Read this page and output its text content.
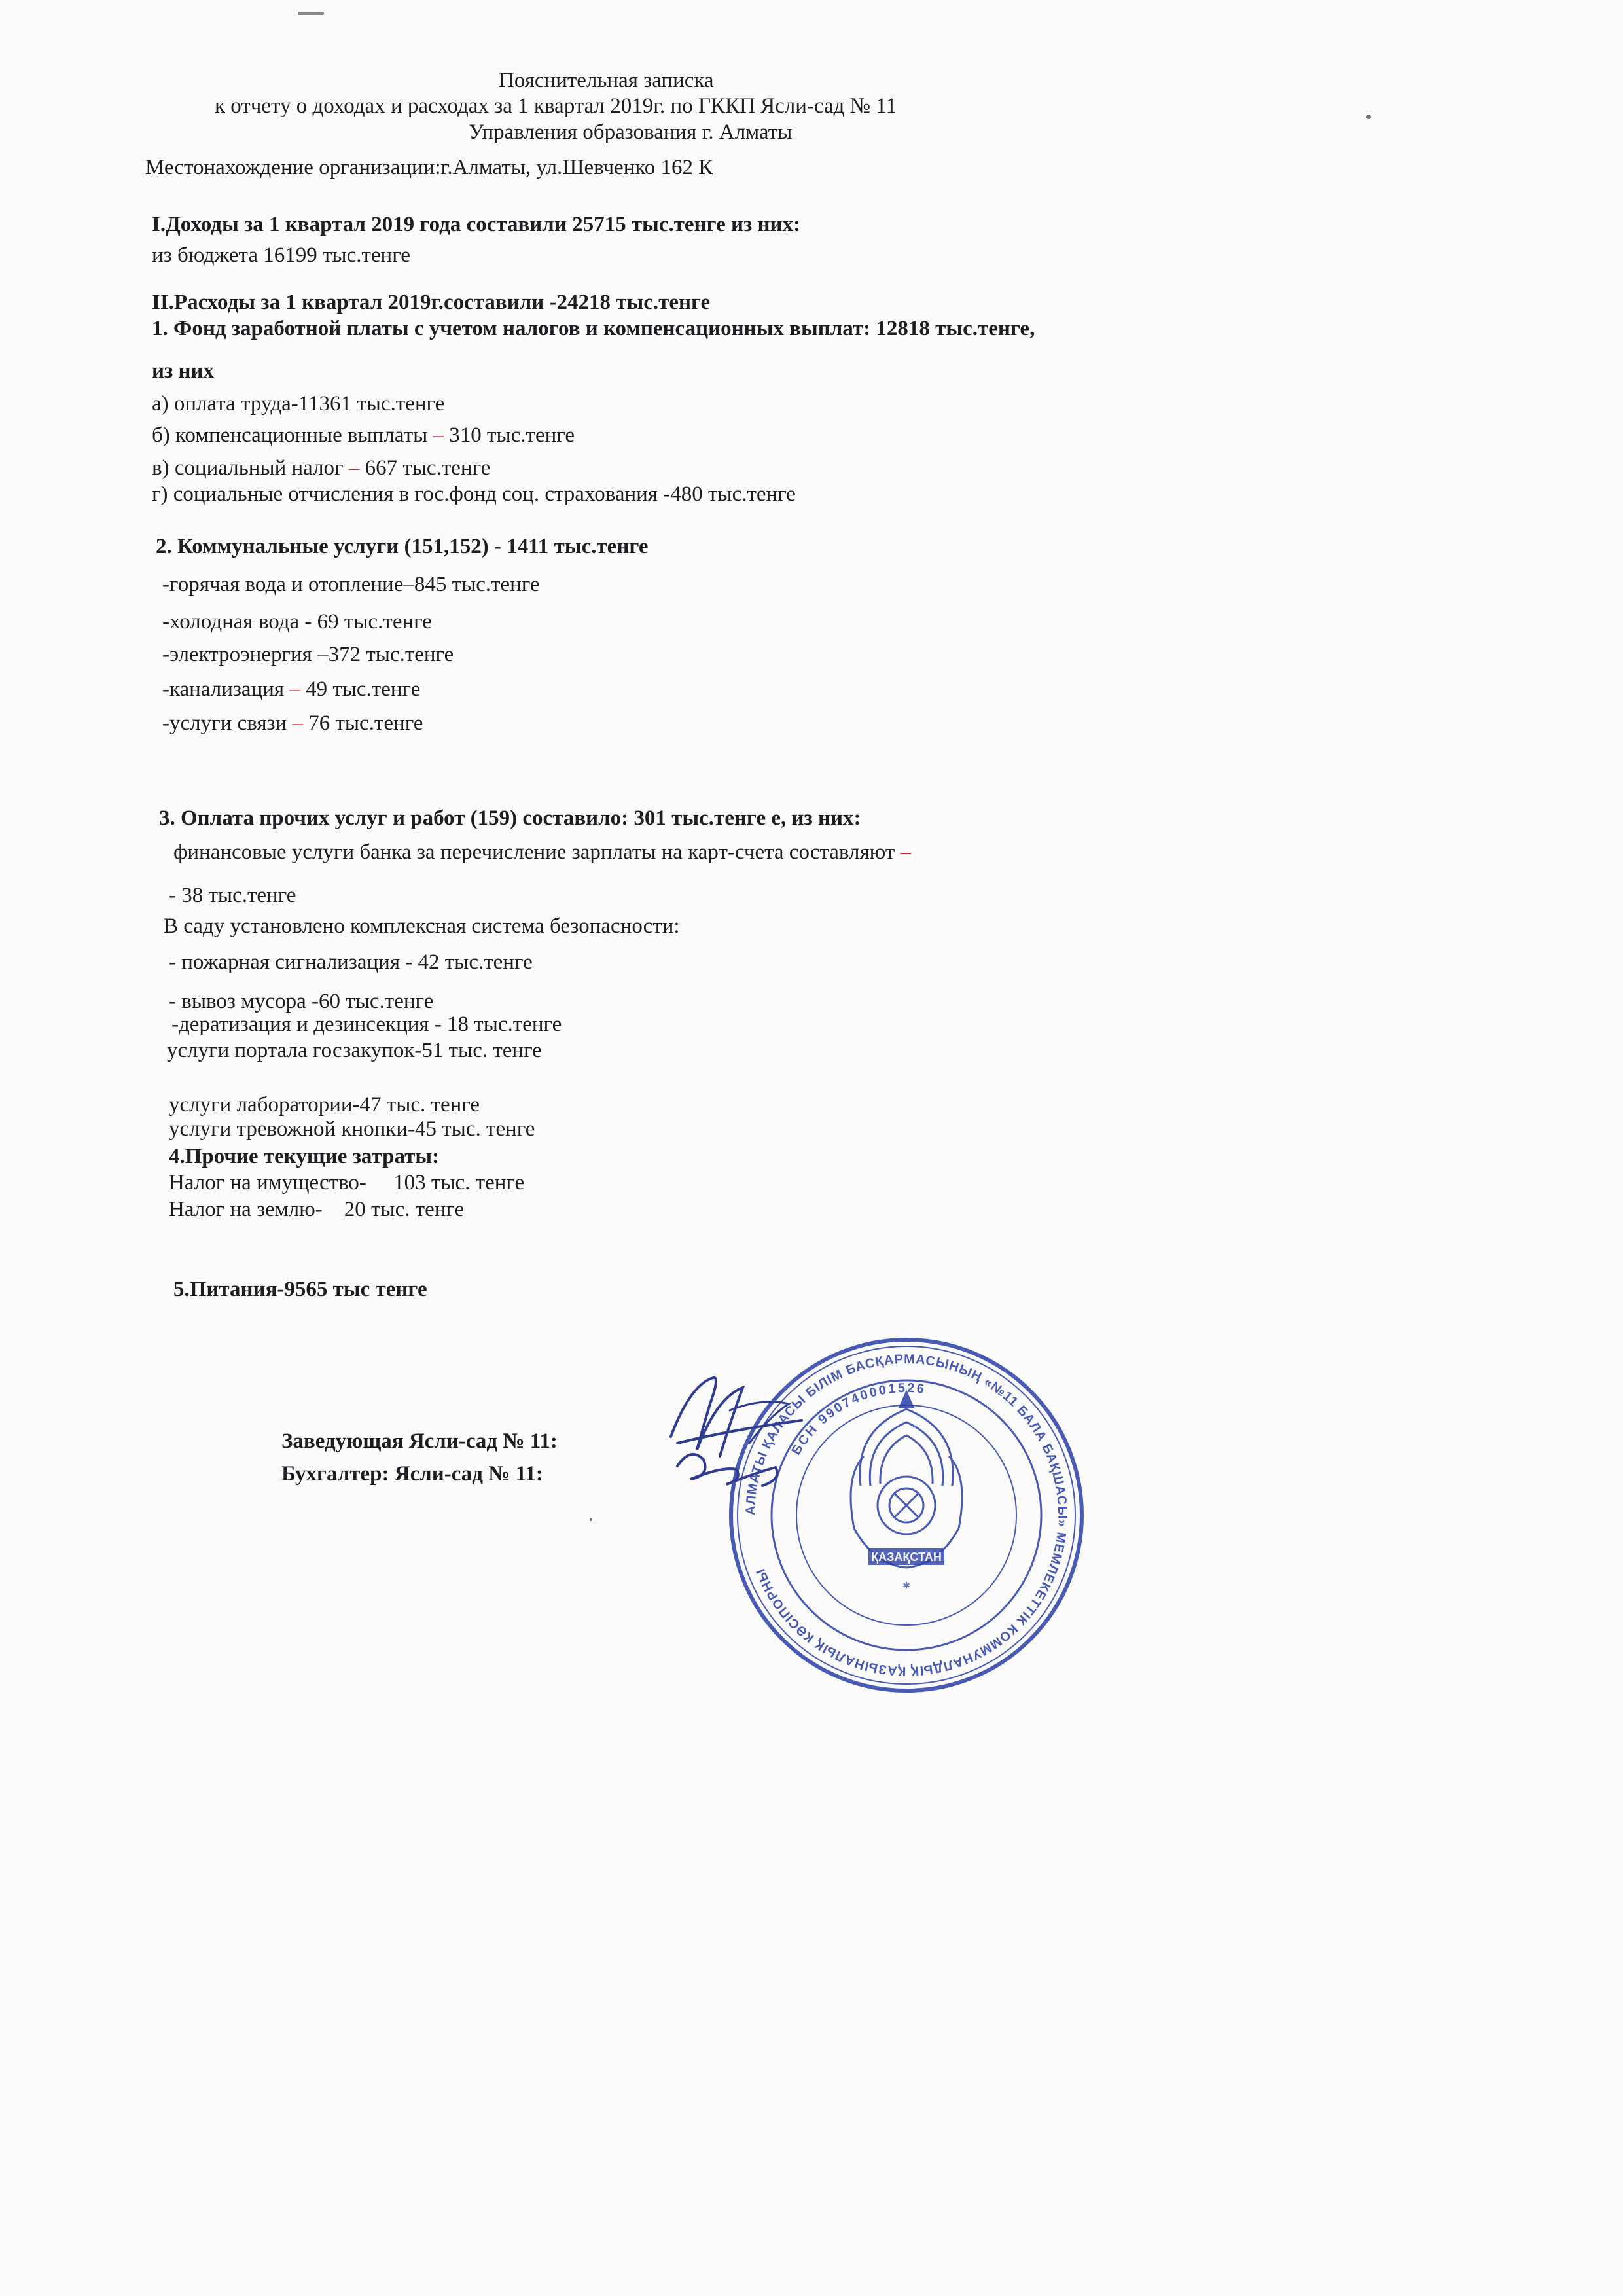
Пояснительная записка
к отчету о доходах и расходах за 1 квартал 2019г. по ГККП Ясли-сад № 11
Управления образования г. Алматы
Местонахождение организации:г.Алматы, ул.Шевченко 162 К
I.Доходы за 1 квартал 2019 года составили 25715 тыс.тенге из них:
из бюджета 16199 тыс.тенге
II.Расходы за 1 квартал 2019г.составили -24218 тыс.тенге
1. Фонд заработной платы с учетом налогов и компенсационных выплат: 12818 тыс.тенге,
из них
а) оплата труда-11361 тыс.тенге
б) компенсационные выплаты – 310 тыс.тенге
в) социальный налог – 667 тыс.тенге
г) социальные отчисления в гос.фонд соц. страхования -480 тыс.тенге
2. Коммунальные услуги (151,152) - 1411 тыс.тенге
-горячая вода и отопление–845 тыс.тенге
-холодная вода - 69 тыс.тенге
-электроэнергия –372 тыс.тенге
-канализация – 49 тыс.тенге
-услуги связи – 76 тыс.тенге
3. Оплата прочих услуг и работ (159) составило: 301 тыс.тенге е, из них:
финансовые услуги банка за перечисление зарплаты на карт-счета составляют –
- 38 тыс.тенге
В саду установлено комплексная система безопасности:
- пожарная сигнализация - 42 тыс.тенге
- вывоз мусора -60 тыс.тенге
-дератизация и дезинсекция - 18 тыс.тенге
услуги портала госзакупок-51 тыс. тенге
услуги лаборатории-47 тыс. тенге
услуги тревожной кнопки-45 тыс. тенге
4.Прочие текущие затраты:
Налог на имущество-     103 тыс. тенге
Налог на землю-    20 тыс. тенге
5.Питания-9565 тыс тенге
Заведующая Ясли-сад № 11:
Бухгалтер: Ясли-сад № 11:
АЛМАТЫ ҚАЛАСЫ БІЛІМ БАСҚАРМАСЫНЫҢ «№11 БАЛА БАҚШАСЫ» МЕМЛЕКЕТТІК КОММУНАЛДЫҚ ҚАЗЫНАЛЫҚ КӘСІПОРНЫ
БСН 990740001526
ҚАЗАҚСТАН
✱
